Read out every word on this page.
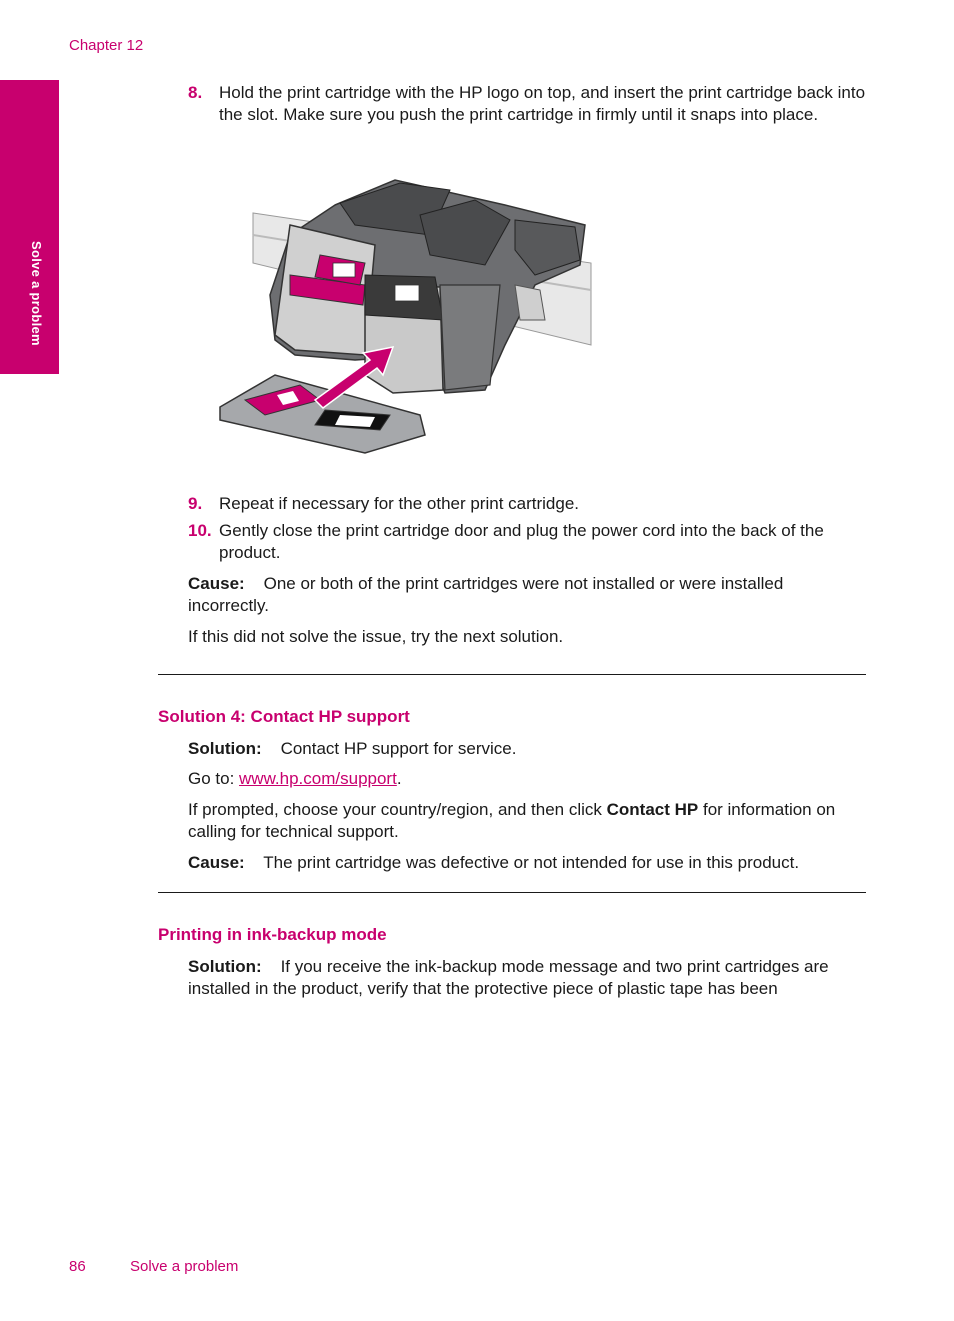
Chapter 12
Solve a problem
8. Hold the print cartridge with the HP logo on top, and insert the print cartridge back into the slot. Make sure you push the print cartridge in firmly until it snaps into place.
9. Repeat if necessary for the other print cartridge.
10. Gently close the print cartridge door and plug the power cord into the back of the product.
Cause: One or both of the print cartridges were not installed or were installed incorrectly.
If this did not solve the issue, try the next solution.
Solution 4: Contact HP support
Solution: Contact HP support for service.
Go to: www.hp.com/support.
If prompted, choose your country/region, and then click Contact HP for information on calling for technical support.
Cause: The print cartridge was defective or not intended for use in this product.
Printing in ink-backup mode
Solution: If you receive the ink-backup mode message and two print cartridges are installed in the product, verify that the protective piece of plastic tape has been
86	Solve a problem
